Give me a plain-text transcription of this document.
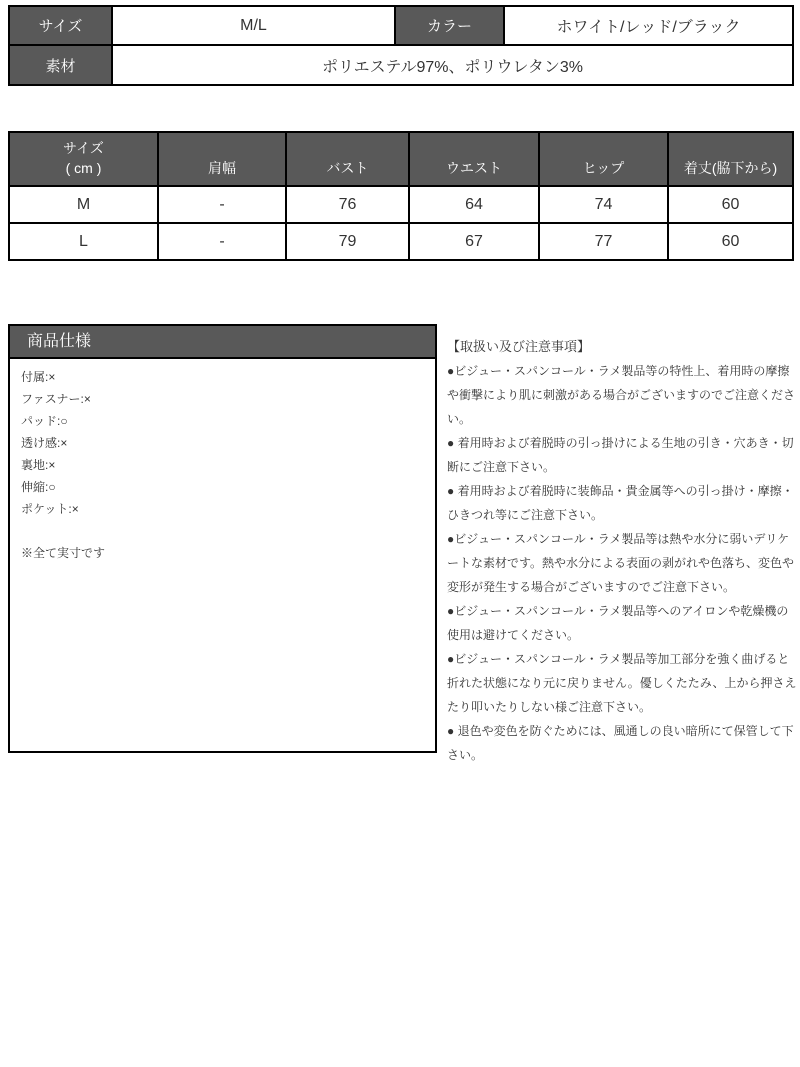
サイズ	M/L	カラー	ホワイト/レッド/ブラック
素材	ポリエステル97%、ポリウレタン3%		
サイズ
( cm )	肩幅	バスト	ウエスト	ヒップ	着丈(脇下から)
M	-	76	64	74	60
L	-	79	67	77	60
商品仕様
付属:×
ファスナー:×
パッド:○
透け感:×
裏地:×
伸縮:○
ポケット:×
※全て実寸です
【取扱い及び注意事項】

●ビジュー・スパンコール・ラメ製品等の特性上、着用時の摩擦や衝撃により肌に刺激がある場合がございますのでご注意ください。

● 着用時および着脱時の引っ掛けによる生地の引き・穴あき・切断にご注意下さい。

● 着用時および着脱時に装飾品・貴金属等への引っ掛け・摩擦・ひきつれ等にご注意下さい。

●ビジュー・スパンコール・ラメ製品等は熱や水分に弱いデリケートな素材です。熱や水分による表面の剥がれや色落ち、変色や変形が発生する場合がございますのでご注意下さい。

●ビジュー・スパンコール・ラメ製品等へのアイロンや乾燥機の使用は避けてください。

●ビジュー・スパンコール・ラメ製品等加工部分を強く曲げると折れた状態になり元に戻りません。優しくたたみ、上から押さえたり叩いたりしない様ご注意下さい。

● 退色や変色を防ぐためには、風通しの良い暗所にて保管して下さい。
